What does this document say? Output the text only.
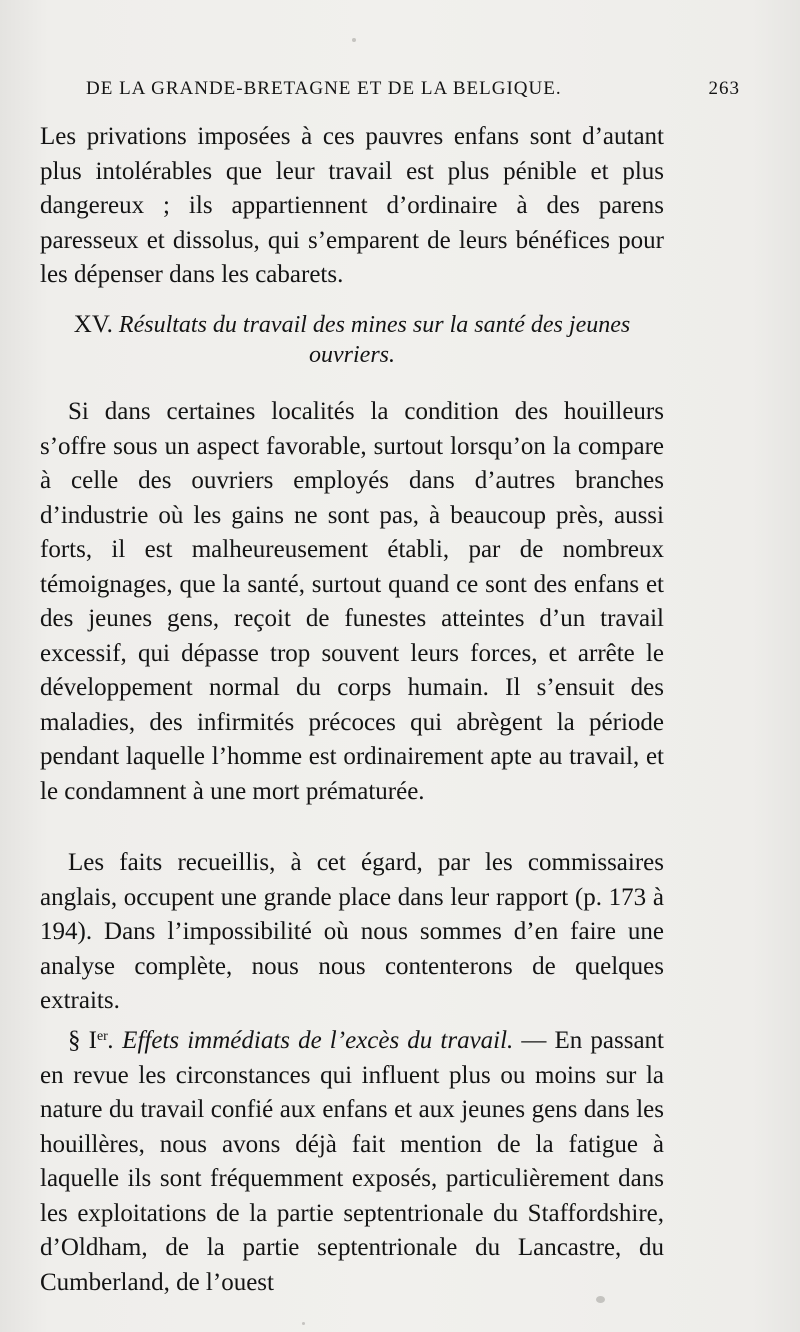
DE LA GRANDE-BRETAGNE ET DE LA BELGIQUE.	263

Les privations imposées à ces pauvres enfans sont d’autant plus intolérables que leur travail est plus pénible et plus dangereux ; ils appartiennent d’ordinaire à des parens paresseux et dissolus, qui s’emparent de leurs bénéfices pour les dépenser dans les cabarets.

XV. Résultats du travail des mines sur la santé des jeunes ouvriers.

Si dans certaines localités la condition des houilleurs s’offre sous un aspect favorable, surtout lorsqu’on la compare à celle des ouvriers employés dans d’autres branches d’industrie où les gains ne sont pas, à beaucoup près, aussi forts, il est malheureusement établi, par de nombreux témoignages, que la santé, surtout quand ce sont des enfans et des jeunes gens, reçoit de funestes atteintes d’un travail excessif, qui dépasse trop souvent leurs forces, et arrête le développement normal du corps humain. Il s’ensuit des maladies, des infirmités précoces qui abrègent la période pendant laquelle l’homme est ordinairement apte au travail, et le condamnent à une mort prématurée.

Les faits recueillis, à cet égard, par les commissaires anglais, occupent une grande place dans leur rapport (p. 173 à 194). Dans l’impossibilité où nous sommes d’en faire une analyse complète, nous nous contenterons de quelques extraits.

§ Ier. Effets immédiats de l’excès du travail. — En passant en revue les circonstances qui influent plus ou moins sur la nature du travail confié aux enfans et aux jeunes gens dans les houillères, nous avons déjà fait mention de la fatigue à laquelle ils sont fréquemment exposés, particulièrement dans les exploitations de la partie septentrionale du Staffordshire, d’Oldham, de la partie septentrionale du Lancastre, du Cumberland, de l’ouest
